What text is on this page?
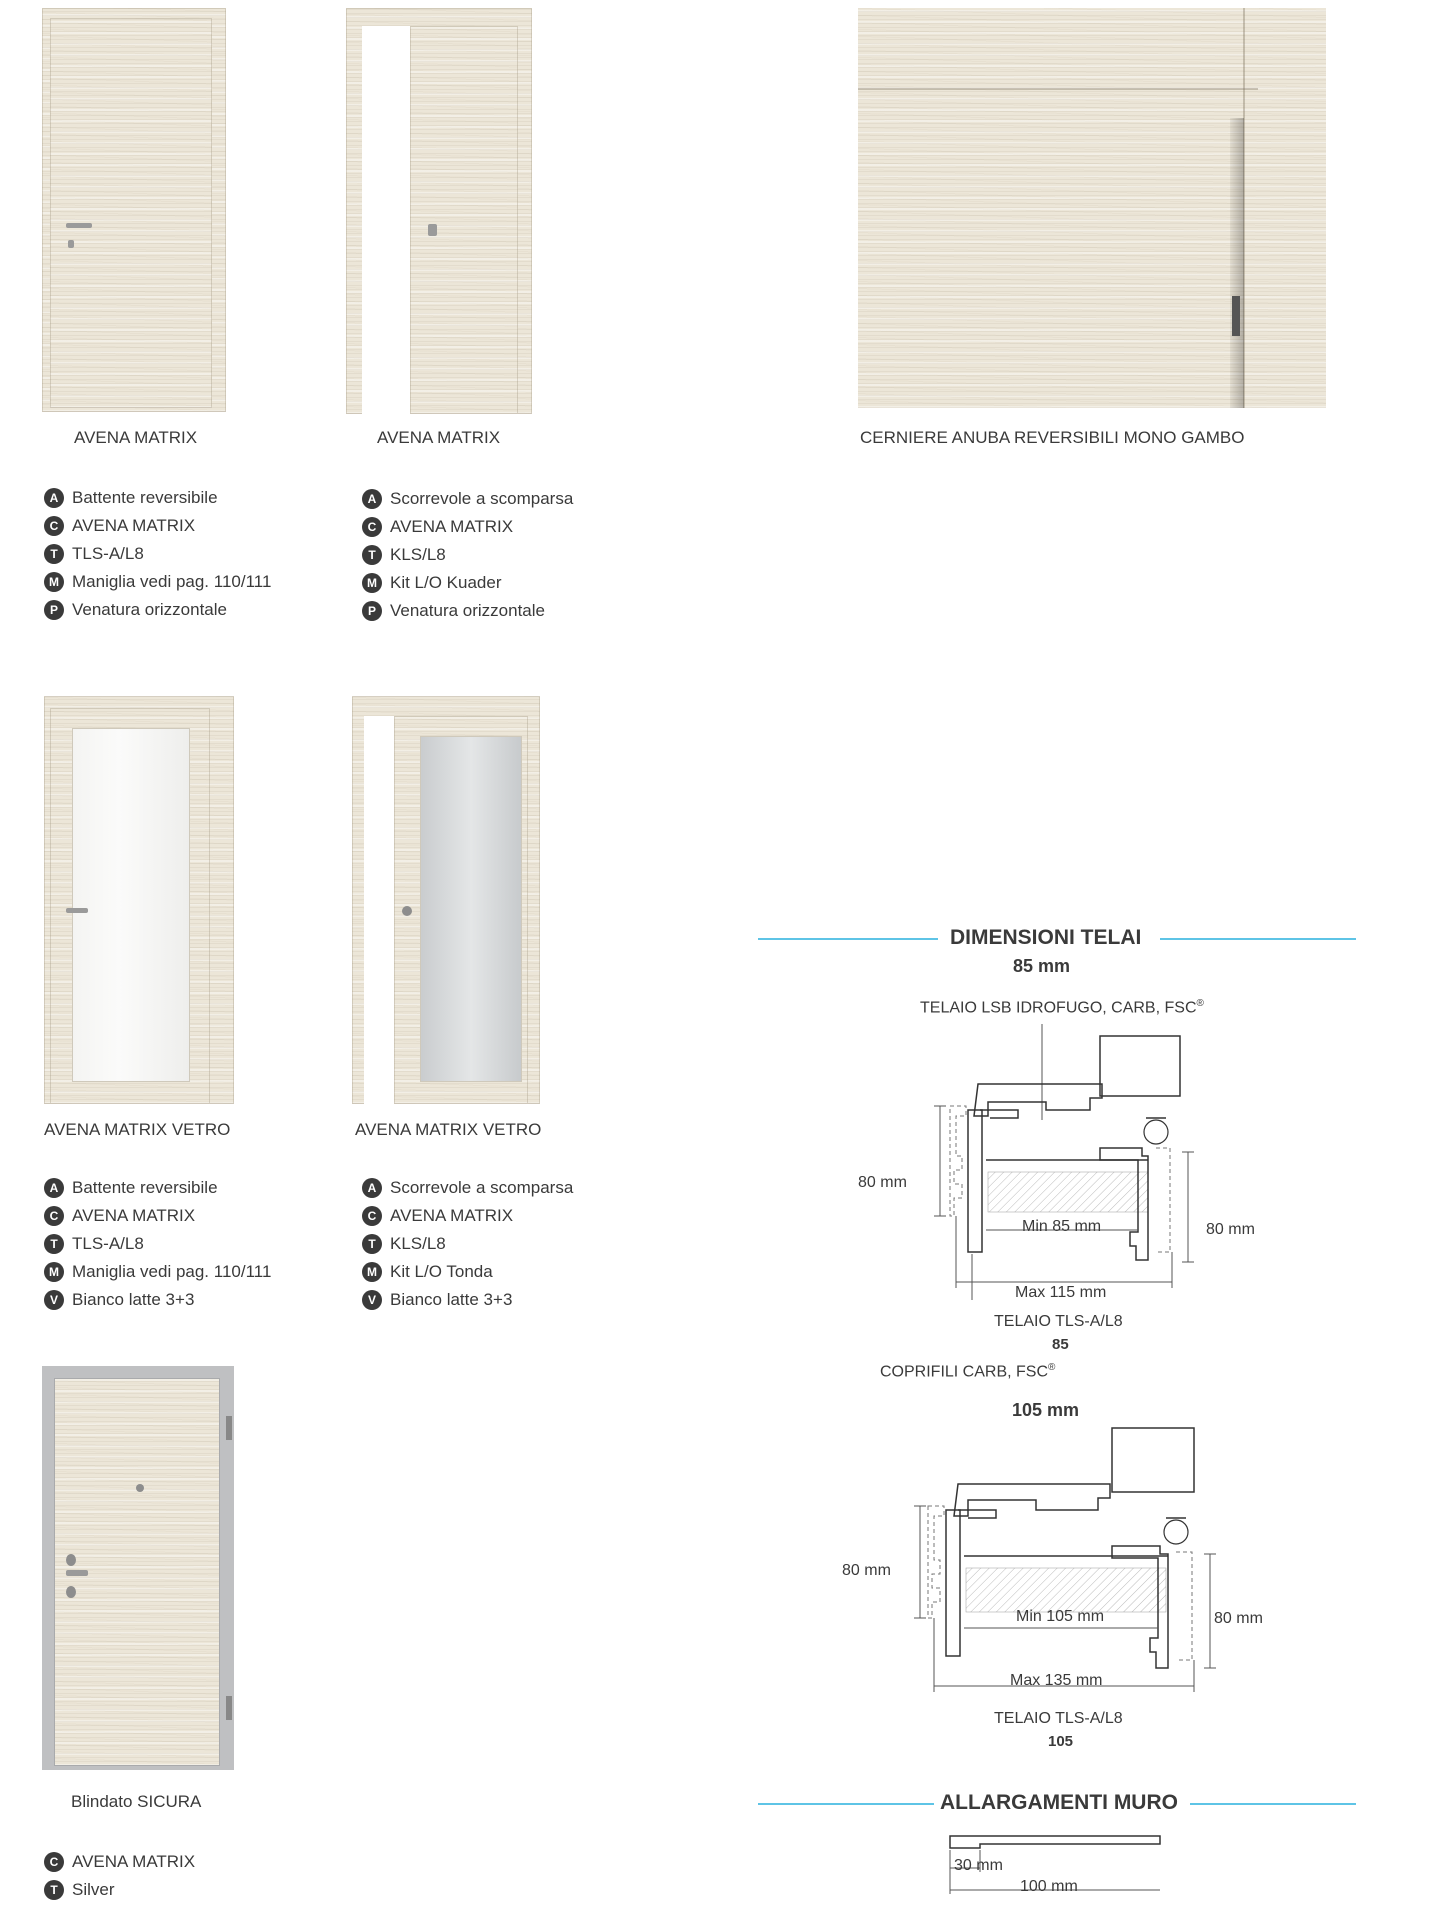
AVENA MATRIX
A Battente reversibile
C AVENA MATRIX
T TLS-A/L8
M Maniglia vedi pag. 110/111
P Venatura orizzontale
AVENA MATRIX
A Scorrevole a scomparsa
C AVENA MATRIX
T KLS/L8
M Kit L/O Kuader
P Venatura orizzontale
CERNIERE ANUBA REVERSIBILI MONO GAMBO
AVENA MATRIX VETRO
A Battente reversibile
C AVENA MATRIX
T TLS-A/L8
M Maniglia vedi pag. 110/111
V Bianco latte 3+3
AVENA MATRIX VETRO
A Scorrevole a scomparsa
C AVENA MATRIX
T KLS/L8
M Kit L/O Tonda
V Bianco latte 3+3
Blindato SICURA
C AVENA MATRIX
T Silver
DIMENSIONI TELAI
85 mm
TELAIO LSB IDROFUGO, CARB, FSC®
80 mm
80 mm
Min 85 mm
Max 115 mm
TELAIO TLS-A/L8
85
COPRIFILI CARB, FSC®
105 mm
80 mm
80 mm
Min 105 mm
Max 135 mm
TELAIO TLS-A/L8
105
ALLARGAMENTI MURO
30 mm
100 mm
